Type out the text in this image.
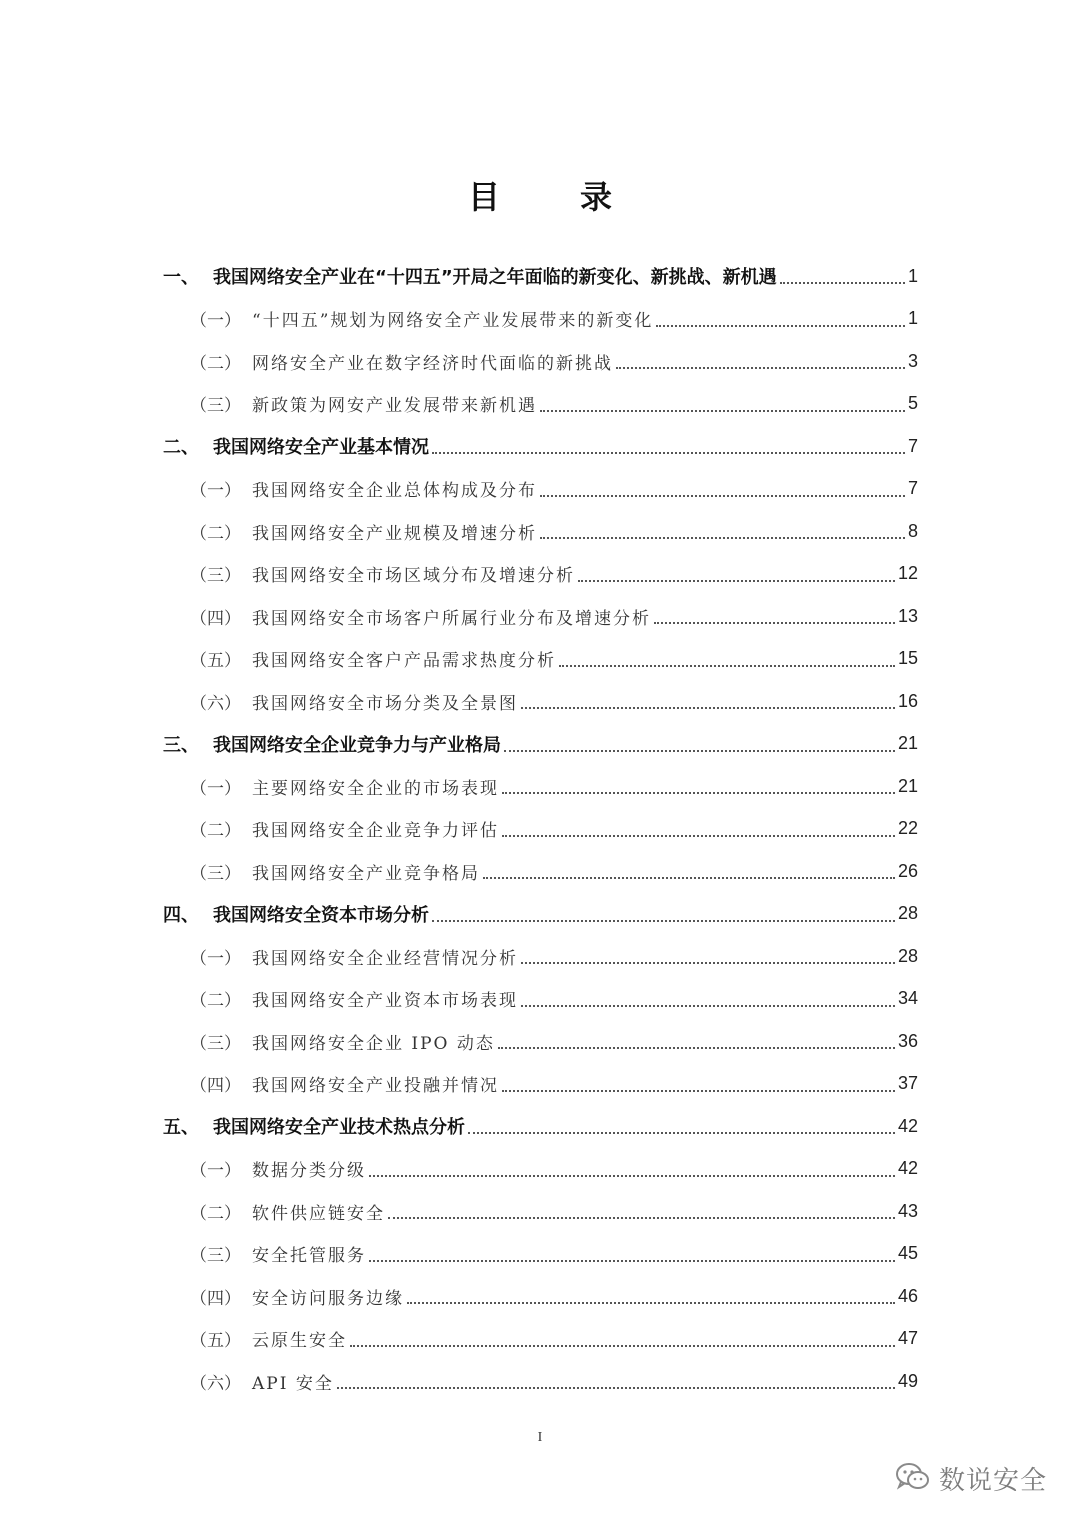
目　录
一、 我国网络安全产业在“十四五”开局之年面临的新变化、新挑战、新机遇	1
（一） “十四五”规划为网络安全产业发展带来的新变化	1
（二） 网络安全产业在数字经济时代面临的新挑战	3
（三） 新政策为网安产业发展带来新机遇	5
二、 我国网络安全产业基本情况	7
（一） 我国网络安全企业总体构成及分布	7
（二） 我国网络安全产业规模及增速分析	8
（三） 我国网络安全市场区域分布及增速分析	12
（四） 我国网络安全市场客户所属行业分布及增速分析	13
（五） 我国网络安全客户产品需求热度分析	15
（六） 我国网络安全市场分类及全景图	16
三、 我国网络安全企业竞争力与产业格局	21
（一） 主要网络安全企业的市场表现	21
（二） 我国网络安全企业竞争力评估	22
（三） 我国网络安全产业竞争格局	26
四、 我国网络安全资本市场分析	28
（一） 我国网络安全企业经营情况分析	28
（二） 我国网络安全产业资本市场表现	34
（三） 我国网络安全企业 IPO 动态	36
（四） 我国网络安全产业投融并情况	37
五、 我国网络安全产业技术热点分析	42
（一） 数据分类分级	42
（二） 软件供应链安全	43
（三） 安全托管服务	45
（四） 安全访问服务边缘	46
（五） 云原生安全	47
（六） API 安全	49
I
数说安全
